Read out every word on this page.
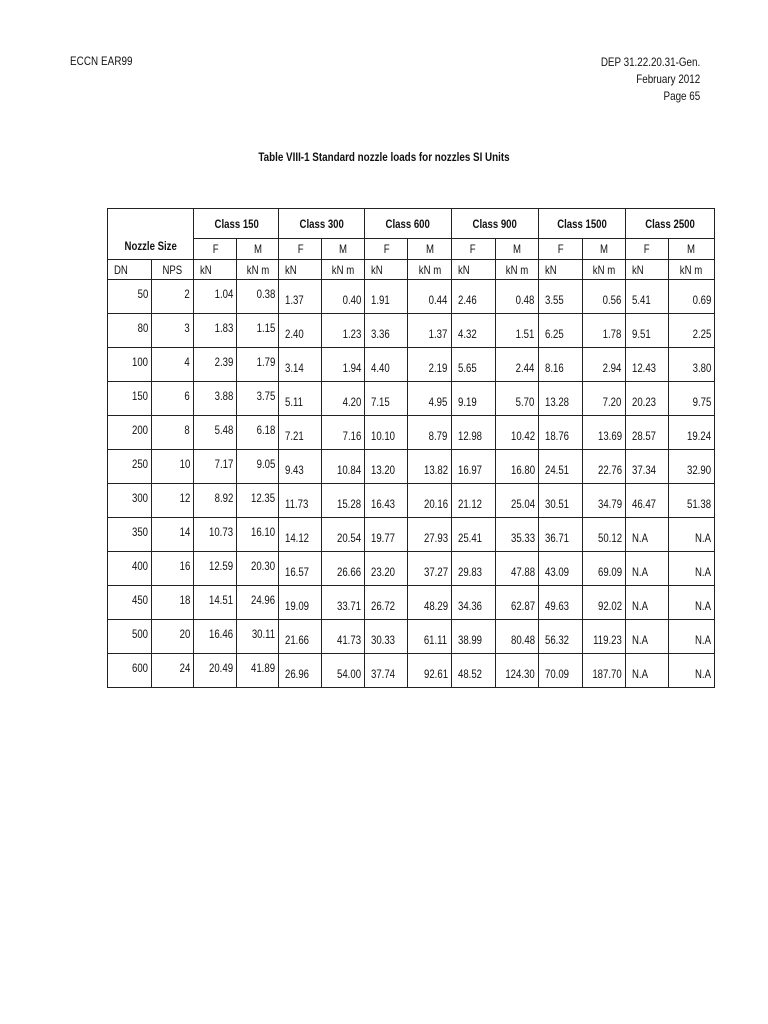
ECCN EAR99	DEP 31.22.20.31-Gen.
February 2012
Page 65
Table VIII-1 Standard nozzle loads for nozzles SI Units
Nozzle Size		Class 150		Class 300		Class 600		Class 900		Class 1500		Class 2500	
		F	M	F	M	F	M	F	M	F	M	F	M
DN	NPS	kN	kN m	kN	kN m	kN	kN m	kN	kN m	kN	kN m	kN	kN m
50	2	1.04	0.38	1.37	0.40	1.91	0.44	2.46	0.48	3.55	0.56	5.41	0.69
80	3	1.83	1.15	2.40	1.23	3.36	1.37	4.32	1.51	6.25	1.78	9.51	2.25
100	4	2.39	1.79	3.14	1.94	4.40	2.19	5.65	2.44	8.16	2.94	12.43	3.80
150	6	3.88	3.75	5.11	4.20	7.15	4.95	9.19	5.70	13.28	7.20	20.23	9.75
200	8	5.48	6.18	7.21	7.16	10.10	8.79	12.98	10.42	18.76	13.69	28.57	19.24
250	10	7.17	9.05	9.43	10.84	13.20	13.82	16.97	16.80	24.51	22.76	37.34	32.90
300	12	8.92	12.35	11.73	15.28	16.43	20.16	21.12	25.04	30.51	34.79	46.47	51.38
350	14	10.73	16.10	14.12	20.54	19.77	27.93	25.41	35.33	36.71	50.12	N.A	N.A
400	16	12.59	20.30	16.57	26.66	23.20	37.27	29.83	47.88	43.09	69.09	N.A	N.A
450	18	14.51	24.96	19.09	33.71	26.72	48.29	34.36	62.87	49.63	92.02	N.A	N.A
500	20	16.46	30.11	21.66	41.73	30.33	61.11	38.99	80.48	56.32	119.23	N.A	N.A
600	24	20.49	41.89	26.96	54.00	37.74	92.61	48.52	124.30	70.09	187.70	N.A	N.A
